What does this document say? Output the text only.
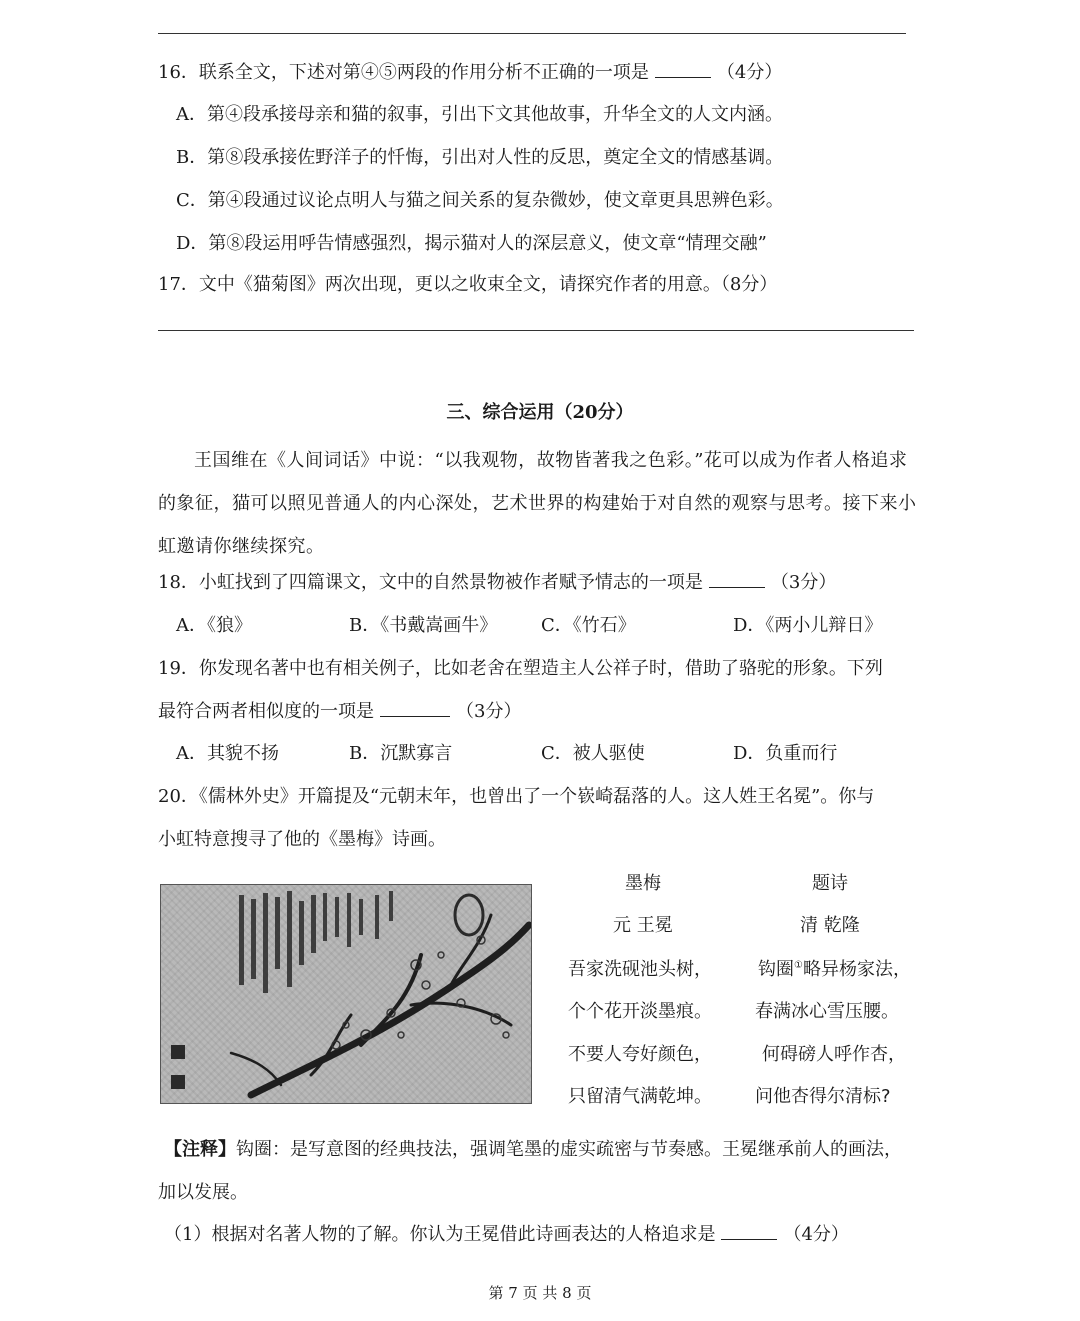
16．联系全文，下述对第④⑤两段的作用分析不正确的一项是	（4分）
A．第④段承接母亲和猫的叙事，引出下文其他故事，升华全文的人文内涵。
B．第⑧段承接佐野洋子的忏悔，引出对人性的反思，奠定全文的情感基调。
C．第④段通过议论点明人与猫之间关系的复杂微妙，使文章更具思辨色彩。
D．第⑧段运用呼告情感强烈，揭示猫对人的深层意义，使文章“情理交融”
17．文中《猫菊图》两次出现，更以之收束全文，请探究作者的用意。（8分）
三、综合运用（20分）
王国维在《人间词话》中说：“以我观物，故物皆著我之色彩。”花可以成为作者人格追求的象征，猫可以照见普通人的内心深处，艺术世界的构建始于对自然的观察与思考。接下来小虹邀请你继续探究。
18．小虹找到了四篇课文，文中的自然景物被作者赋予情志的一项是	（3分）
A．《狼》	B．《书戴嵩画牛》 C．《竹石》	D．《两小儿辩日》
19．你发现名著中也有相关例子，比如老舍在塑造主人公祥子时，借助了骆驼的形象。下列
最符合两者相似度的一项是	（3分）
A．其貌不扬	B．沉默寡言	C．被人驱使	D．负重而行
20．《儒林外史》开篇提及“元朝末年，也曾出了一个嵚崎磊落的人。这人姓王名冕”。你与
小虹特意搜寻了他的《墨梅》诗画。
墨梅
元 王冕
吾家洗砚池头树，
个个花开淡墨痕。
不要人夸好颜色，
只留清气满乾坤。
题诗
清 乾隆
钩圈①略异杨家法，
春满冰心雪压腰。
何碍磅人呼作杏，
问他杏得尔清标?
【注释】钩圈：是写意图的经典技法，强调笔墨的虚实疏密与节奏感。王冕继承前人的画法，
加以发展。
（1）根据对名著人物的了解。你认为王冕借此诗画表达的人格追求是	（4分）
第 7 页 共 8 页
